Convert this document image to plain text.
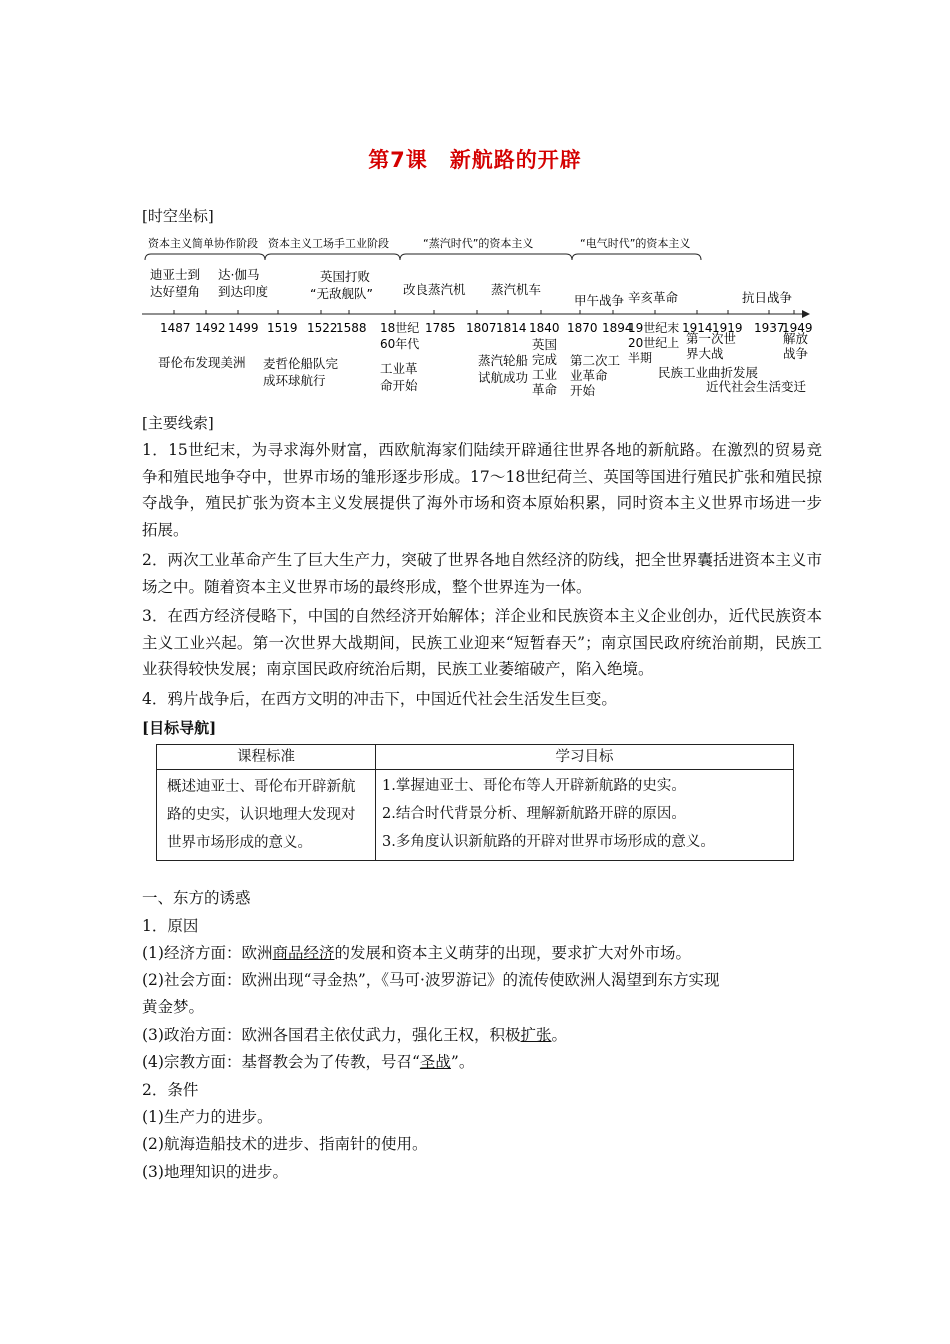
第7课　新航路的开辟
[时空坐标]
资本主义简单协作阶段 资本主义工场手工业阶段	“蒸汽时代”的资本主义	“电气时代”的资本主义
迪亚士到
达好望角
达·伽马
到达印度
英国打败
“无敌舰队” 改良蒸汽机 蒸汽机车
甲午战争 辛亥革命	抗日战争
1487 1492 1499 1519 1522
1588 18世纪
60年代
1785 1807 1814 1840 1870 1894
19世纪末
20世纪上
半期
1914 1919 1937
1949
哥伦布发现美洲 麦哲伦船队完
成环球航行
工业革
命开始
蒸汽轮船
试航成功
英国
完成
工业
革命
第二次工
业革命
开始
第一次世
界大战
解放
战争
民族工业曲折发展
近代社会生活变迁
[主要线索]

1．15世纪末，为寻求海外财富，西欧航海家们陆续开辟通往世界各地的新航路。在激烈的贸易竞争和殖民地争夺中，世界市场的雏形逐步形成。17～18世纪荷兰、英国等国进行殖民扩张和殖民掠夺战争，殖民扩张为资本主义发展提供了海外市场和资本原始积累，同时资本主义世界市场进一步拓展。

2．两次工业革命产生了巨大生产力，突破了世界各地自然经济的防线，把全世界囊括进资本主义市场之中。随着资本主义世界市场的最终形成，整个世界连为一体。

3．在西方经济侵略下，中国的自然经济开始解体；洋企业和民族资本主义企业创办，近代民族资本主义工业兴起。第一次世界大战期间，民族工业迎来“短暂春天”；南京国民政府统治前期，民族工业获得较快发展；南京国民政府统治后期，民族工业萎缩破产，陷入绝境。

4．鸦片战争后，在西方文明的冲击下，中国近代社会生活发生巨变。

[目标导航]
课程标准	学习目标
概述迪亚士、哥伦布开辟新航路的史实，认识地理大发现对世界市场形成的意义。	1.掌握迪亚士、哥伦布等人开辟新航路的史实。
2.结合时代背景分析、理解新航路开辟的原因。
3.多角度认识新航路的开辟对世界市场形成的意义。
一、东方的诱惑
1．原因
(1)经济方面：欧洲商品经济的发展和资本主义萌芽的出现，要求扩大对外市场。
(2)社会方面：欧洲出现“寻金热”，《马可·波罗游记》的流传使欧洲人渴望到东方实现
黄金梦。
(3)政治方面：欧洲各国君主依仗武力，强化王权，积极扩张。
(4)宗教方面：基督教会为了传教，号召“圣战”。
2．条件
(1)生产力的进步。
(2)航海造船技术的进步、指南针的使用。
(3)地理知识的进步。
